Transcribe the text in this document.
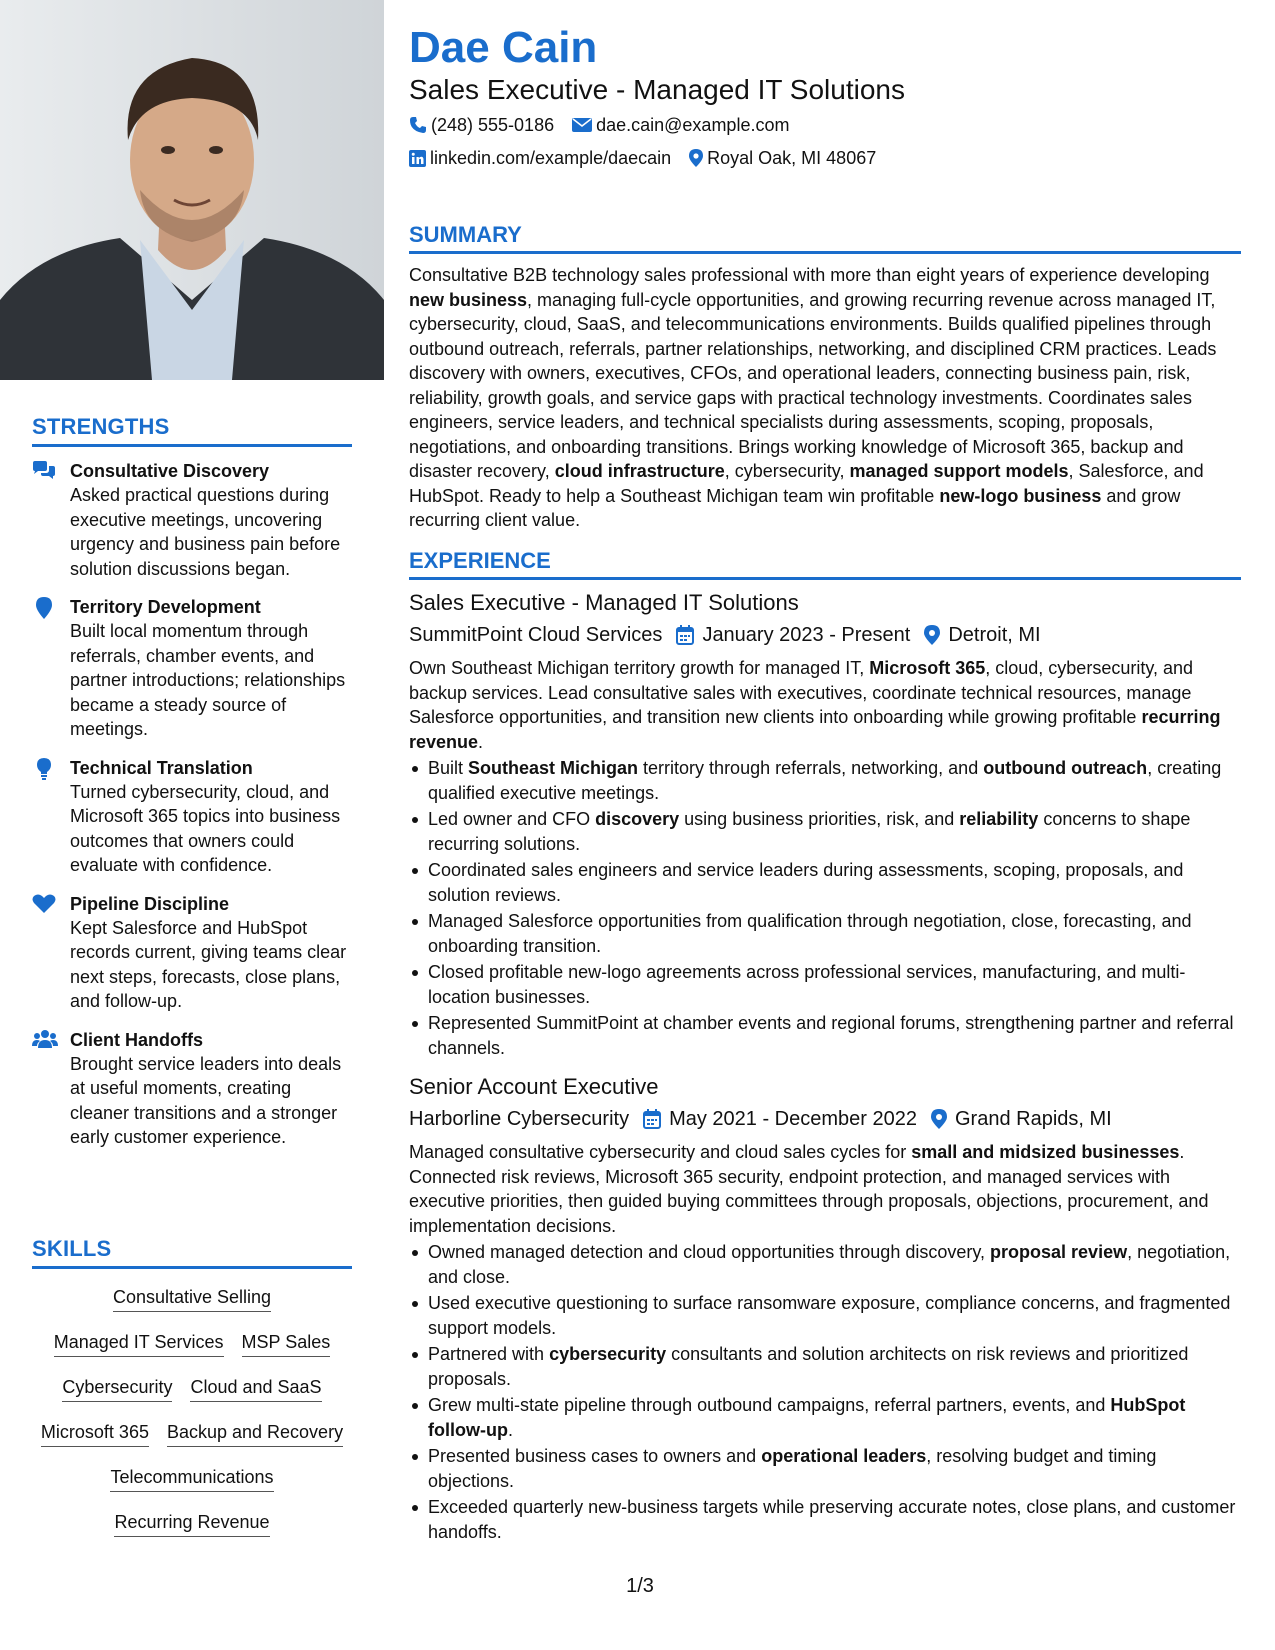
STRENGTHS
Consultative Discovery
Asked practical questions during executive meetings, uncovering urgency and business pain before solution discussions began.
Territory Development
Built local momentum through referrals, chamber events, and partner introductions; relationships became a steady source of meetings.
Technical Translation
Turned cybersecurity, cloud, and Microsoft 365 topics into business outcomes that owners could evaluate with confidence.
Pipeline Discipline
Kept Salesforce and HubSpot records current, giving teams clear next steps, forecasts, close plans, and follow-up.
Client Handoffs
Brought service leaders into deals at useful moments, creating cleaner transitions and a stronger early customer experience.
SKILLS
Consultative Selling
Managed IT Services MSP Sales
Cybersecurity Cloud and SaaS
Microsoft 365 Backup and Recovery
Telecommunications
Recurring Revenue
Dae Cain
Sales Executive - Managed IT Solutions
(248) 555-0186 dae.cain@example.com
linkedin.com/example/daecain Royal Oak, MI 48067
SUMMARY
Consultative B2B technology sales professional with more than eight years of experience developing new business, managing full-cycle opportunities, and growing recurring revenue across managed IT, cybersecurity, cloud, SaaS, and telecommunications environments. Builds qualified pipelines through outbound outreach, referrals, partner relationships, networking, and disciplined CRM practices. Leads discovery with owners, executives, CFOs, and operational leaders, connecting business pain, risk, reliability, growth goals, and service gaps with practical technology investments. Coordinates sales engineers, service leaders, and technical specialists during assessments, scoping, proposals, negotiations, and onboarding transitions. Brings working knowledge of Microsoft 365, backup and disaster recovery, cloud infrastructure, cybersecurity, managed support models, Salesforce, and HubSpot. Ready to help a Southeast Michigan team win profitable new-logo business and grow recurring client value.
EXPERIENCE
Sales Executive - Managed IT Solutions
SummitPoint Cloud Services January 2023 - Present Detroit, MI
Own Southeast Michigan territory growth for managed IT, Microsoft 365, cloud, cybersecurity, and backup services. Lead consultative sales with executives, coordinate technical resources, manage Salesforce opportunities, and transition new clients into onboarding while growing profitable recurring revenue.
Built Southeast Michigan territory through referrals, networking, and outbound outreach, creating qualified executive meetings.
Led owner and CFO discovery using business priorities, risk, and reliability concerns to shape recurring solutions.
Coordinated sales engineers and service leaders during assessments, scoping, proposals, and solution reviews.
Managed Salesforce opportunities from qualification through negotiation, close, forecasting, and onboarding transition.
Closed profitable new-logo agreements across professional services, manufacturing, and multi-location businesses.
Represented SummitPoint at chamber events and regional forums, strengthening partner and referral channels.
Senior Account Executive
Harborline Cybersecurity May 2021 - December 2022 Grand Rapids, MI
Managed consultative cybersecurity and cloud sales cycles for small and midsized businesses. Connected risk reviews, Microsoft 365 security, endpoint protection, and managed services with executive priorities, then guided buying committees through proposals, objections, procurement, and implementation decisions.
Owned managed detection and cloud opportunities through discovery, proposal review, negotiation, and close.
Used executive questioning to surface ransomware exposure, compliance concerns, and fragmented support models.
Partnered with cybersecurity consultants and solution architects on risk reviews and prioritized proposals.
Grew multi-state pipeline through outbound campaigns, referral partners, events, and HubSpot follow-up.
Presented business cases to owners and operational leaders, resolving budget and timing objections.
Exceeded quarterly new-business targets while preserving accurate notes, close plans, and customer handoffs.
1/3
